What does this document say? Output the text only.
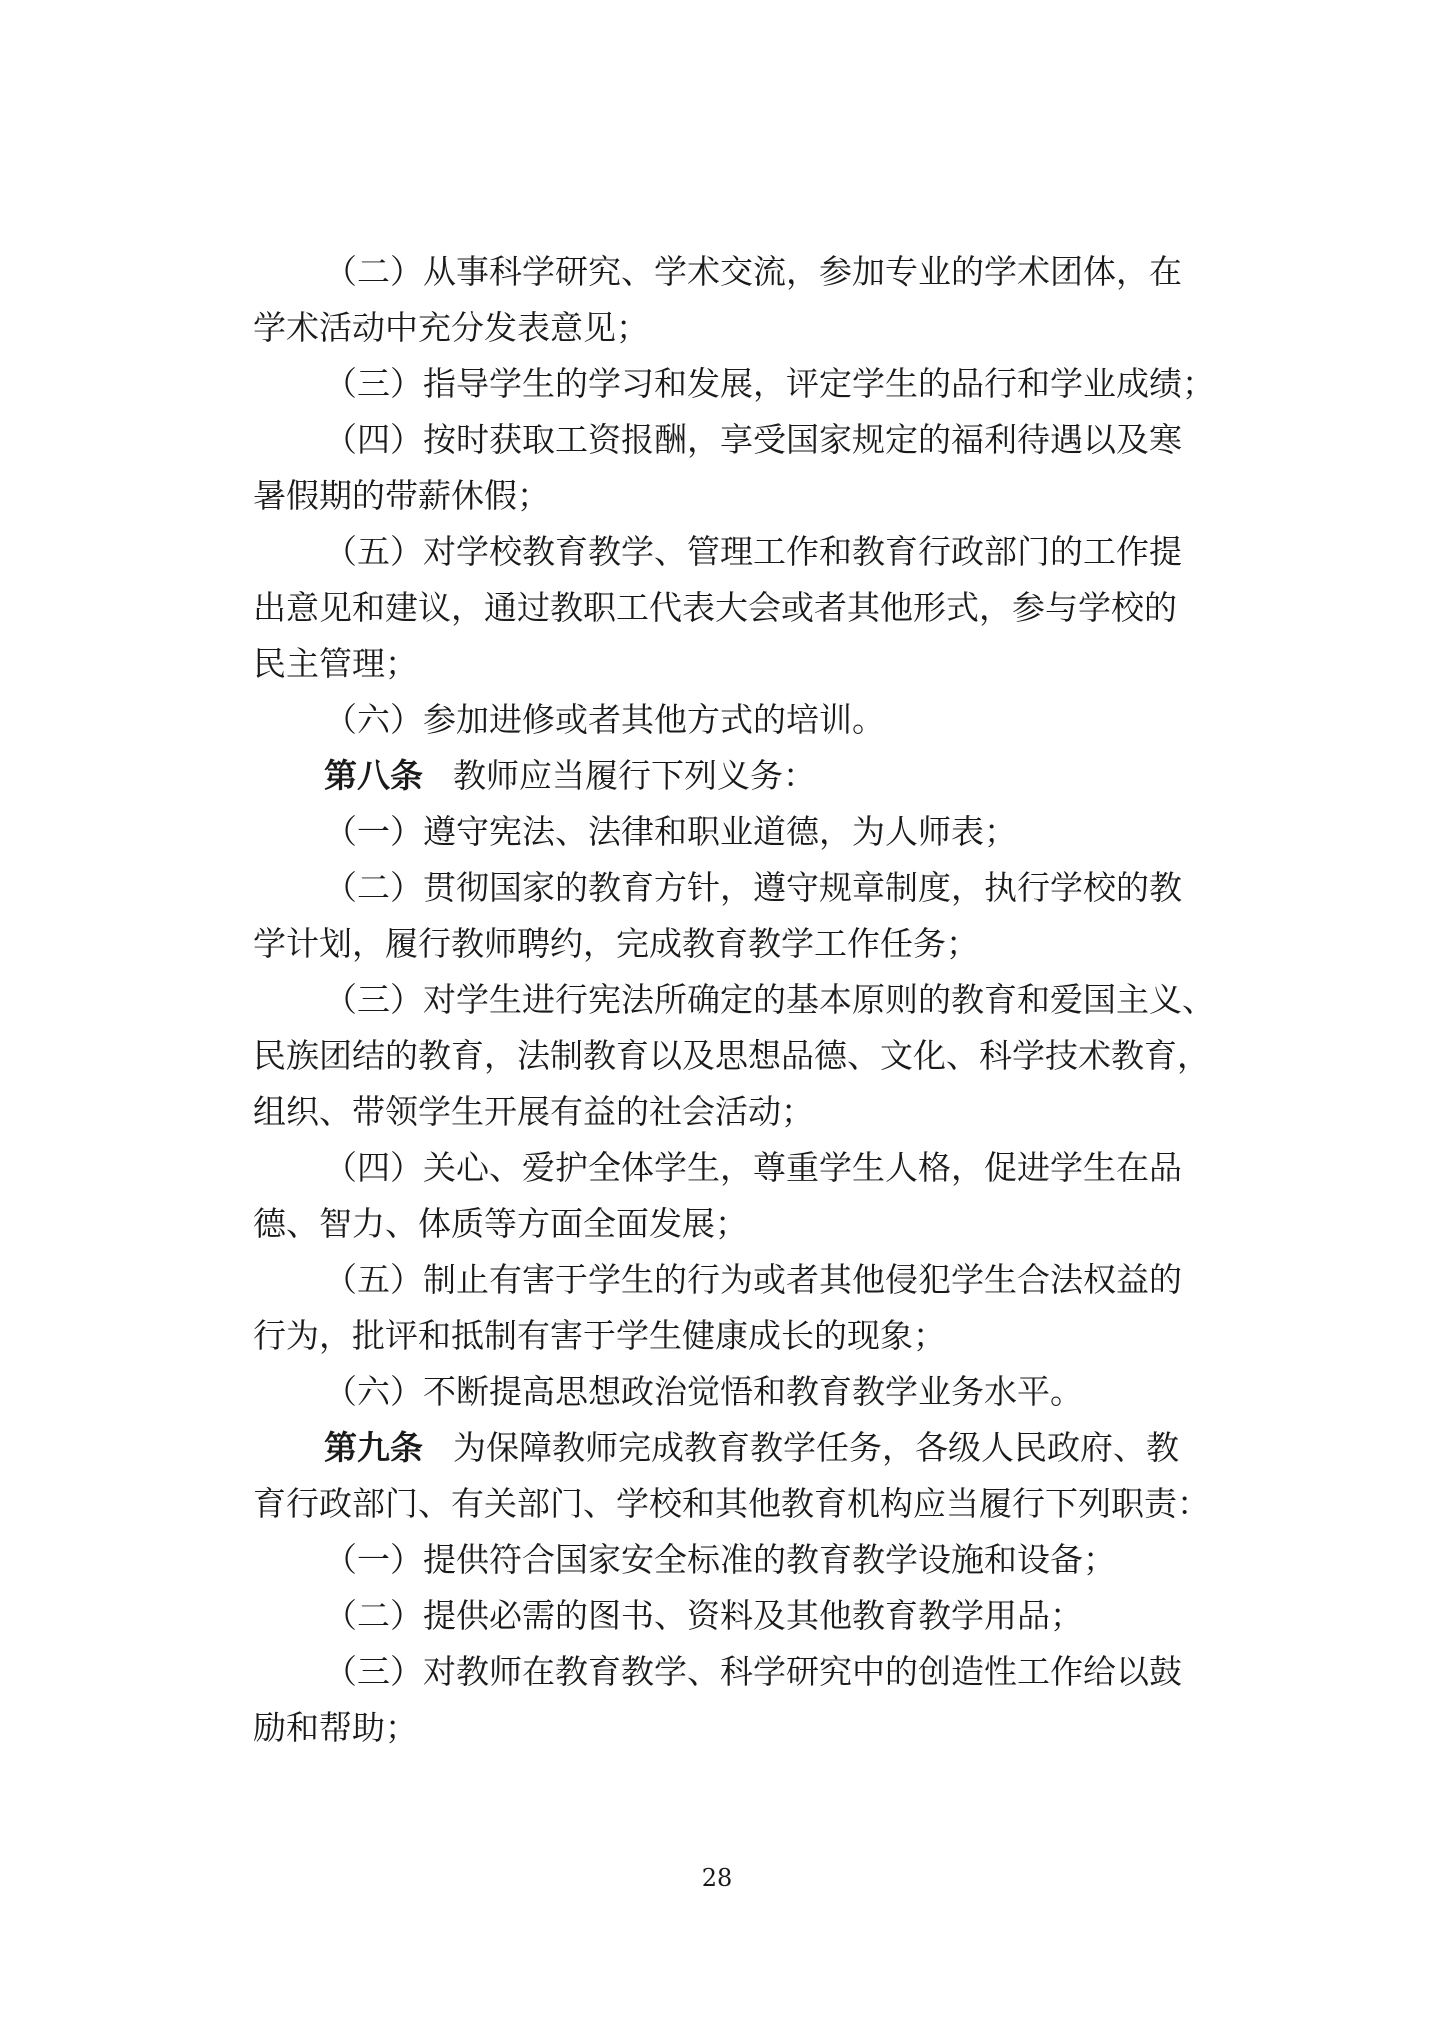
（二）从事科学研究、学术交流，参加专业的学术团体，在
学术活动中充分发表意见；
（三）指导学生的学习和发展，评定学生的品行和学业成绩；
（四）按时获取工资报酬，享受国家规定的福利待遇以及寒
暑假期的带薪休假；
（五）对学校教育教学、管理工作和教育行政部门的工作提
出意见和建议，通过教职工代表大会或者其他形式，参与学校的
民主管理；
（六）参加进修或者其他方式的培训。
第八条 教师应当履行下列义务：
（一）遵守宪法、法律和职业道德，为人师表；
（二）贯彻国家的教育方针，遵守规章制度，执行学校的教
学计划，履行教师聘约，完成教育教学工作任务；
（三）对学生进行宪法所确定的基本原则的教育和爱国主义、
民族团结的教育，法制教育以及思想品德、文化、科学技术教育，
组织、带领学生开展有益的社会活动；
（四）关心、爱护全体学生，尊重学生人格，促进学生在品
德、智力、体质等方面全面发展；
（五）制止有害于学生的行为或者其他侵犯学生合法权益的
行为，批评和抵制有害于学生健康成长的现象；
（六）不断提高思想政治觉悟和教育教学业务水平。
第九条 为保障教师完成教育教学任务，各级人民政府、教
育行政部门、有关部门、学校和其他教育机构应当履行下列职责：
（一）提供符合国家安全标准的教育教学设施和设备；
（二）提供必需的图书、资料及其他教育教学用品；
（三）对教师在教育教学、科学研究中的创造性工作给以鼓
励和帮助；
28
